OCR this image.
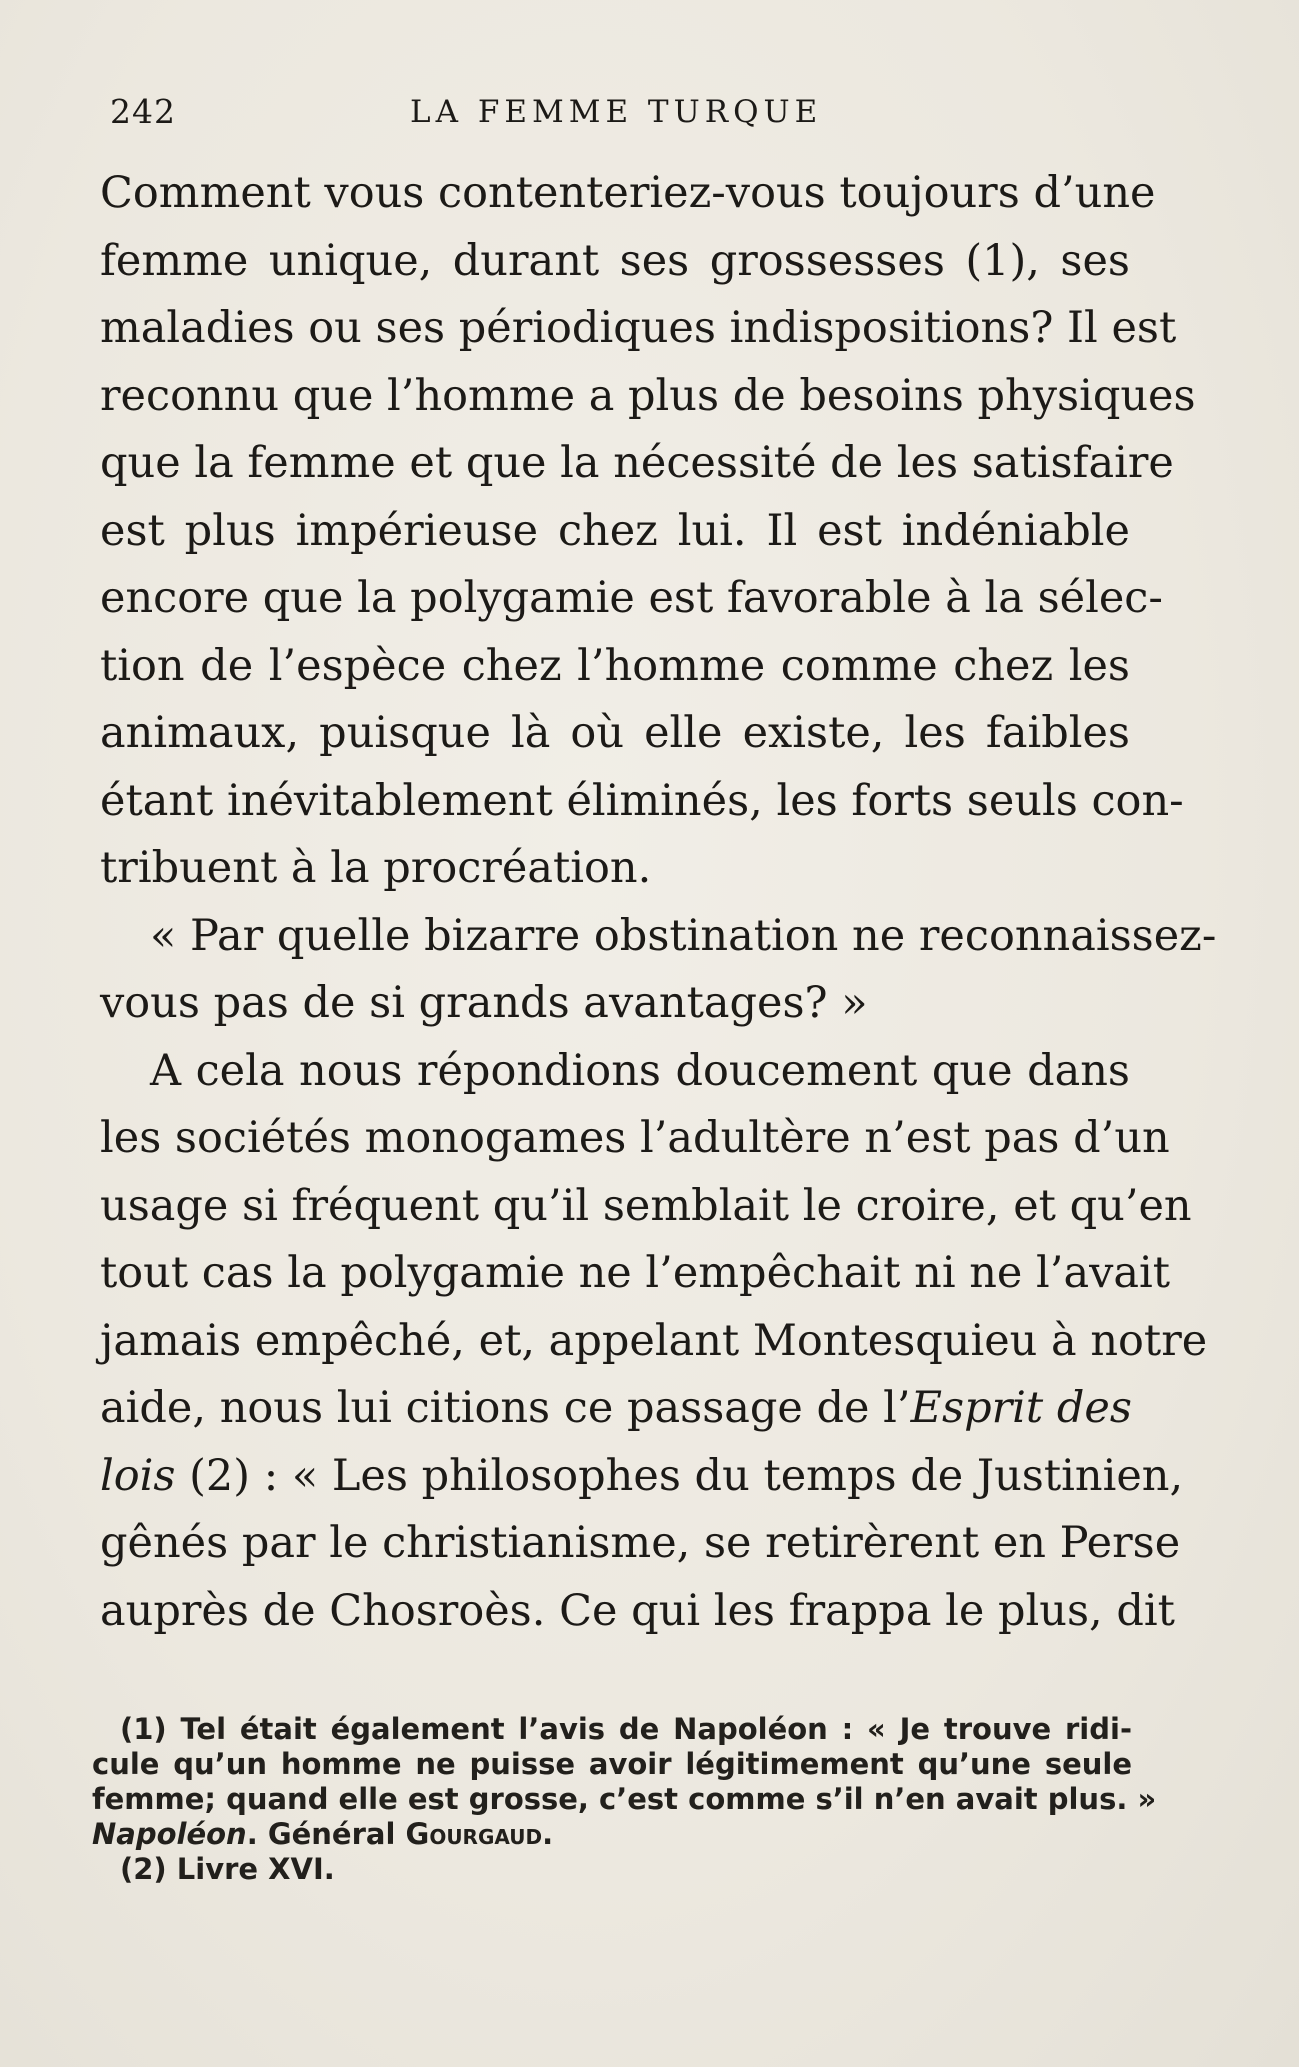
242	LA FEMME TURQUE
Comment vous contenteriez-vous toujours d’une
femme unique, durant ses grossesses (1), ses
maladies ou ses périodiques indispositions? Il est
reconnu que l’homme a plus de besoins physiques
que la femme et que la nécessité de les satisfaire
est plus impérieuse chez lui. Il est indéniable
encore que la polygamie est favorable à la sélec-
tion de l’espèce chez l’homme comme chez les
animaux, puisque là où elle existe, les faibles
étant inévitablement éliminés, les forts seuls con-
tribuent à la procréation.
« Par quelle bizarre obstination ne reconnaissez-
vous pas de si grands avantages? »
A cela nous répondions doucement que dans
les sociétés monogames l’adultère n’est pas d’un
usage si fréquent qu’il semblait le croire, et qu’en
tout cas la polygamie ne l’empêchait ni ne l’avait
jamais empêché, et, appelant Montesquieu à notre
aide, nous lui citions ce passage de l’Esprit des
lois (2) : « Les philosophes du temps de Justinien,
gênés par le christianisme, se retirèrent en Perse
auprès de Chosroès. Ce qui les frappa le plus, dit
(1) Tel était également l’avis de Napoléon : « Je trouve ridi-
cule qu’un homme ne puisse avoir légitimement qu’une seule
femme; quand elle est grosse, c’est comme s’il n’en avait plus. »
Napoléon. Général Gourgaud.
(2) Livre XVI.
